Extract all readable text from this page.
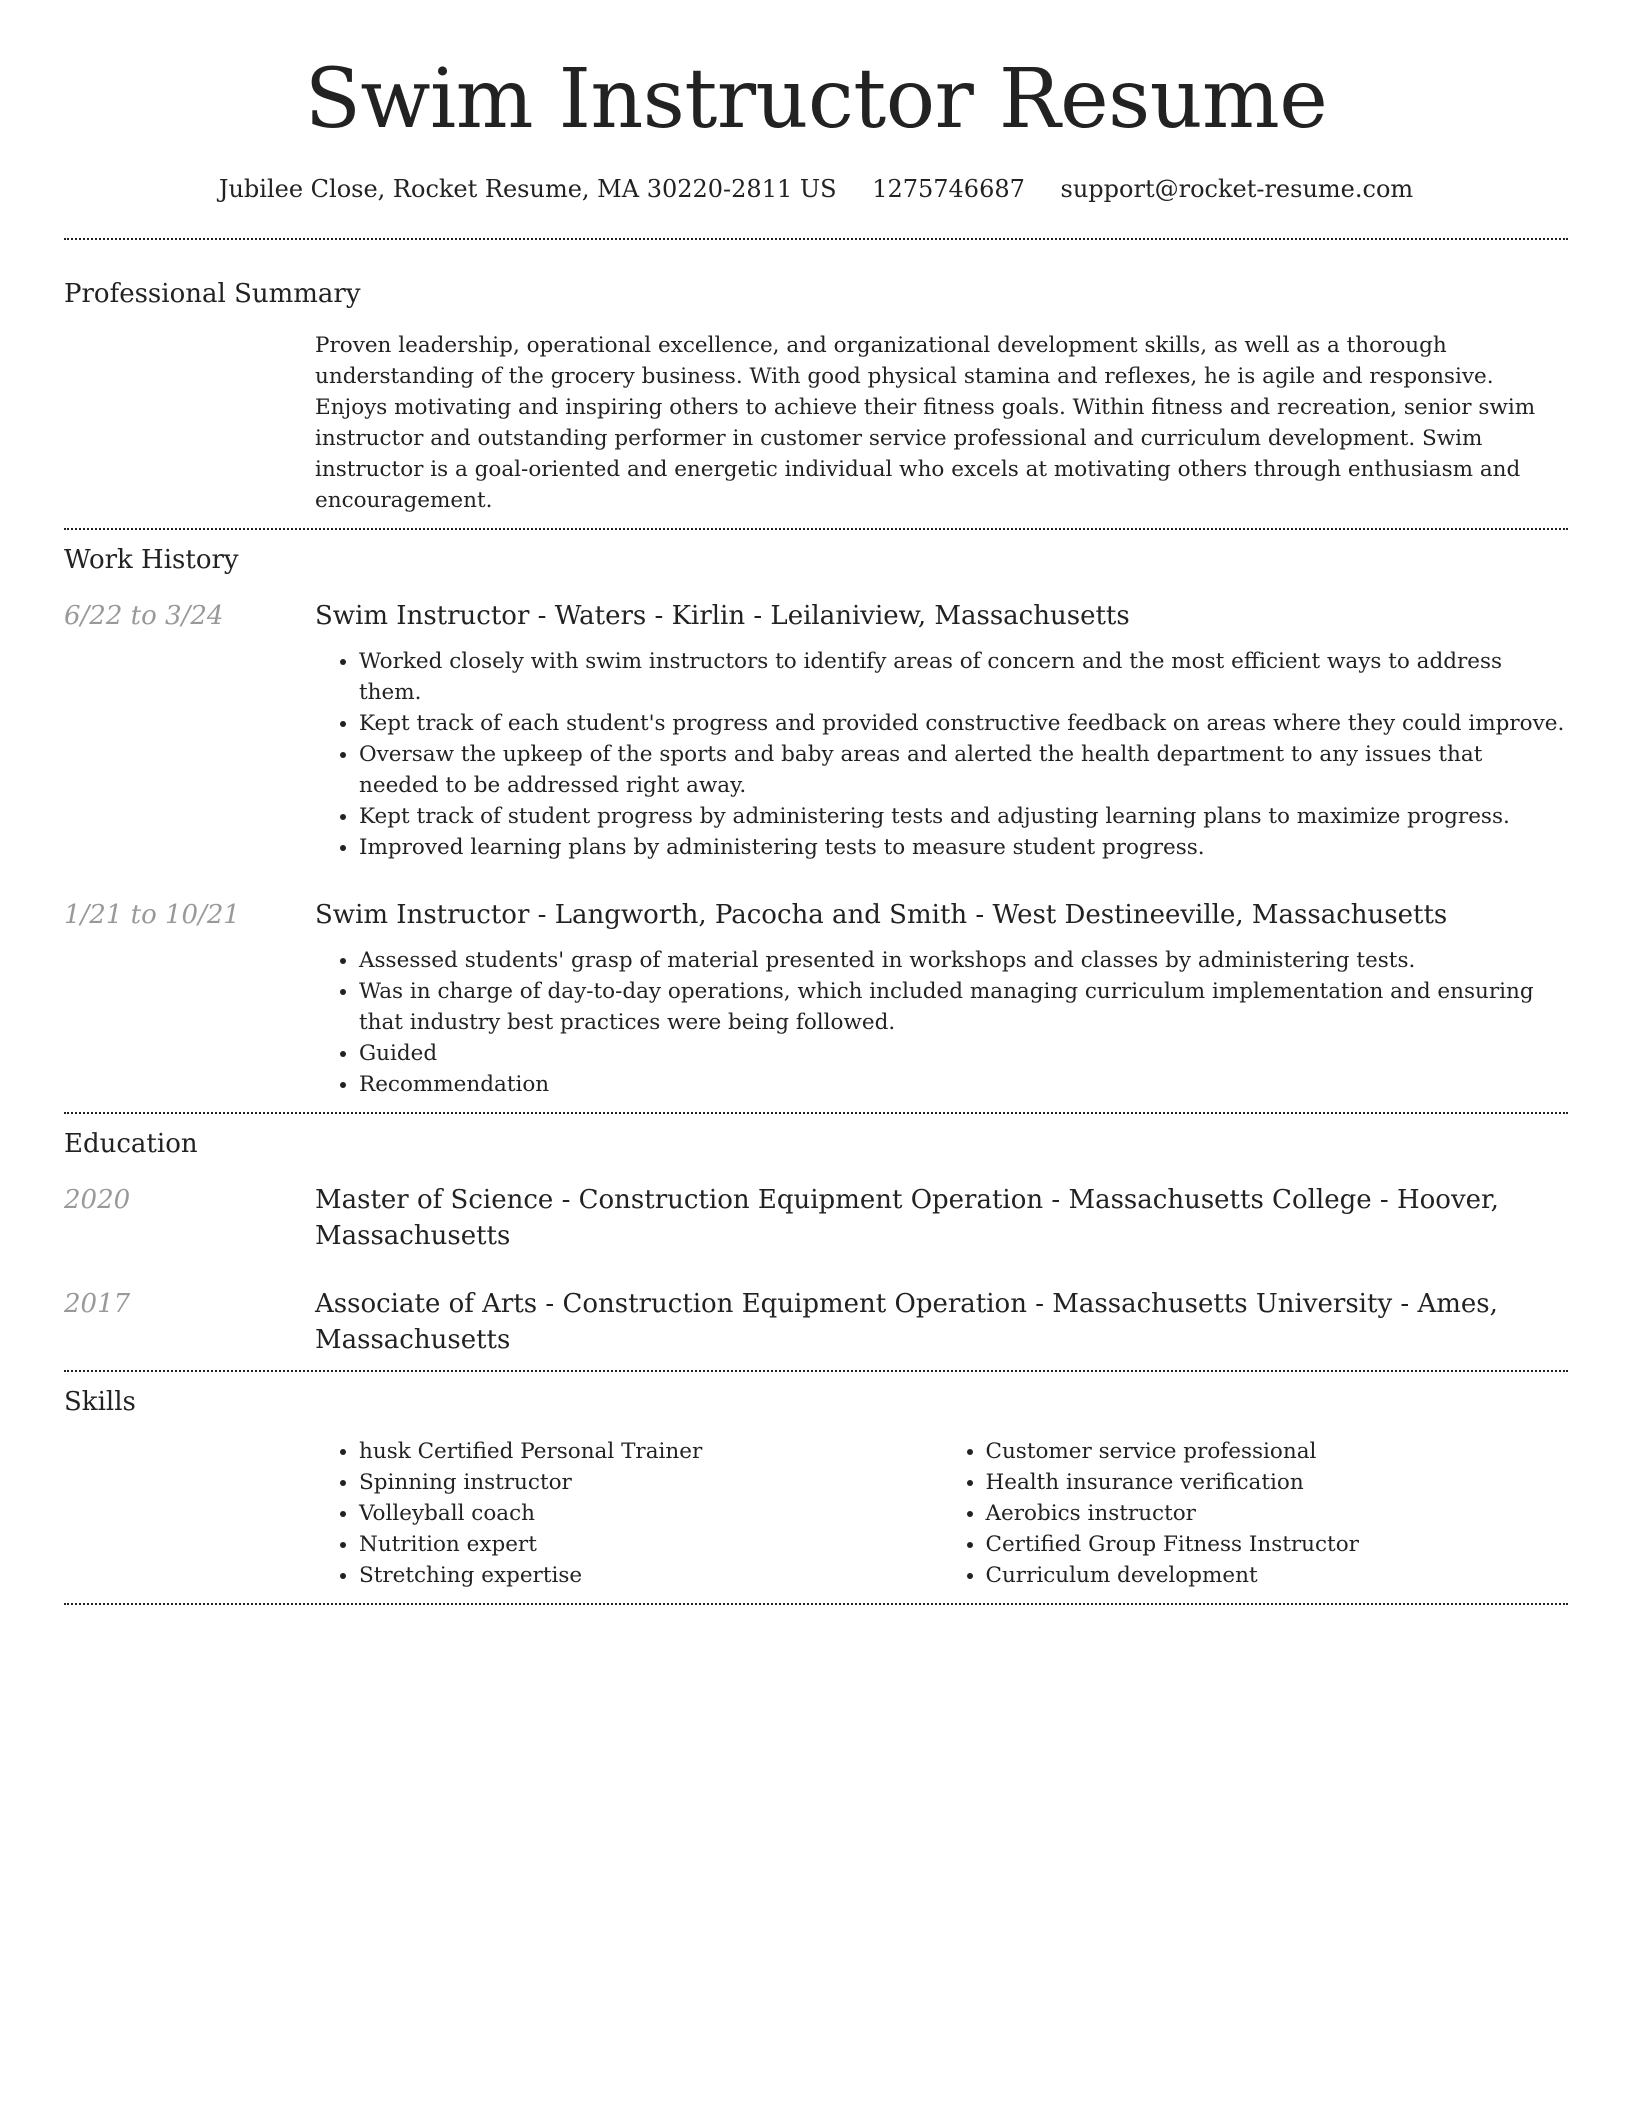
Swim Instructor Resume
Jubilee Close, Rocket Resume, MA 30220-2811 US 1275746687 support@rocket-resume.com
Professional Summary

Proven leadership, operational excellence, and organizational development skills, as well as a thorough understanding of the grocery business. With good physical stamina and reflexes, he is agile and responsive. Enjoys motivating and inspiring others to achieve their fitness goals. Within fitness and recreation, senior swim instructor and outstanding performer in customer service professional and curriculum development. Swim instructor is a goal-oriented and energetic individual who excels at motivating others through enthusiasm and encouragement.

Work History
6/22 to 3/24	Swim Instructor - Waters - Kirlin - Leilaniview, Massachusetts
• Worked closely with swim instructors to identify areas of concern and the most efficient ways to address them.
• Kept track of each student's progress and provided constructive feedback on areas where they could improve.
• Oversaw the upkeep of the sports and baby areas and alerted the health department to any issues that needed to be addressed right away.
• Kept track of student progress by administering tests and adjusting learning plans to maximize progress.
• Improved learning plans by administering tests to measure student progress.
1/21 to 10/21	Swim Instructor - Langworth, Pacocha and Smith - West Destineeville, Massachusetts
• Assessed students' grasp of material presented in workshops and classes by administering tests.
• Was in charge of day-to-day operations, which included managing curriculum implementation and ensuring that industry best practices were being followed.
• Guided
• Recommendation
Education
2020	Master of Science - Construction Equipment Operation - Massachusetts College - Hoover, Massachusetts
2017	Associate of Arts - Construction Equipment Operation - Massachusetts University - Ames, Massachusetts
Skills
• husk Certified Personal Trainer
• Spinning instructor
• Volleyball coach
• Nutrition expert
• Stretching expertise
• Customer service professional
• Health insurance verification
• Aerobics instructor
• Certified Group Fitness Instructor
• Curriculum development
